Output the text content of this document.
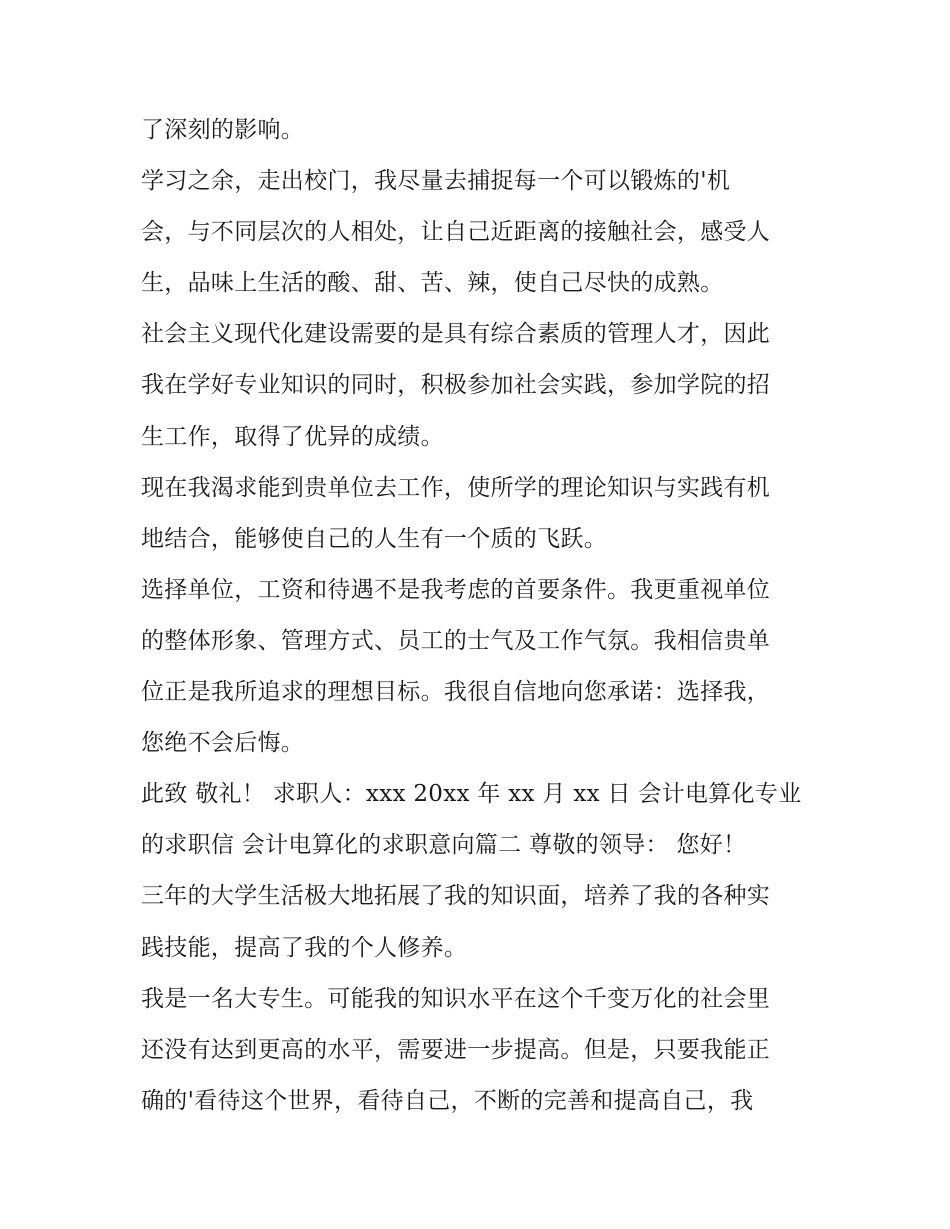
了深刻的影响。
学习之余，走出校门，我尽量去捕捉每一个可以锻炼的'机
会，与不同层次的人相处，让自己近距离的接触社会，感受人
生，品味上生活的酸、甜、苦、辣，使自己尽快的成熟。
社会主义现代化建设需要的是具有综合素质的管理人才，因此
我在学好专业知识的同时，积极参加社会实践，参加学院的招
生工作，取得了优异的成绩。
现在我渴求能到贵单位去工作，使所学的理论知识与实践有机
地结合，能够使自己的人生有一个质的飞跃。
选择单位，工资和待遇不是我考虑的首要条件。我更重视单位
的整体形象、管理方式、员工的士气及工作气氛。我相信贵单
位正是我所追求的理想目标。我很自信地向您承诺：选择我，
您绝不会后悔。
此致 敬礼！ 求职人：xxx 20xx 年 xx 月 xx 日 会计电算化专业
的求职信 会计电算化的求职意向篇二 尊敬的领导： 您好！
三年的大学生活极大地拓展了我的知识面，培养了我的各种实
践技能，提高了我的个人修养。
我是一名大专生。可能我的知识水平在这个千变万化的社会里
还没有达到更高的水平，需要进一步提高。但是，只要我能正
确的'看待这个世界，看待自己，不断的完善和提高自己，我
